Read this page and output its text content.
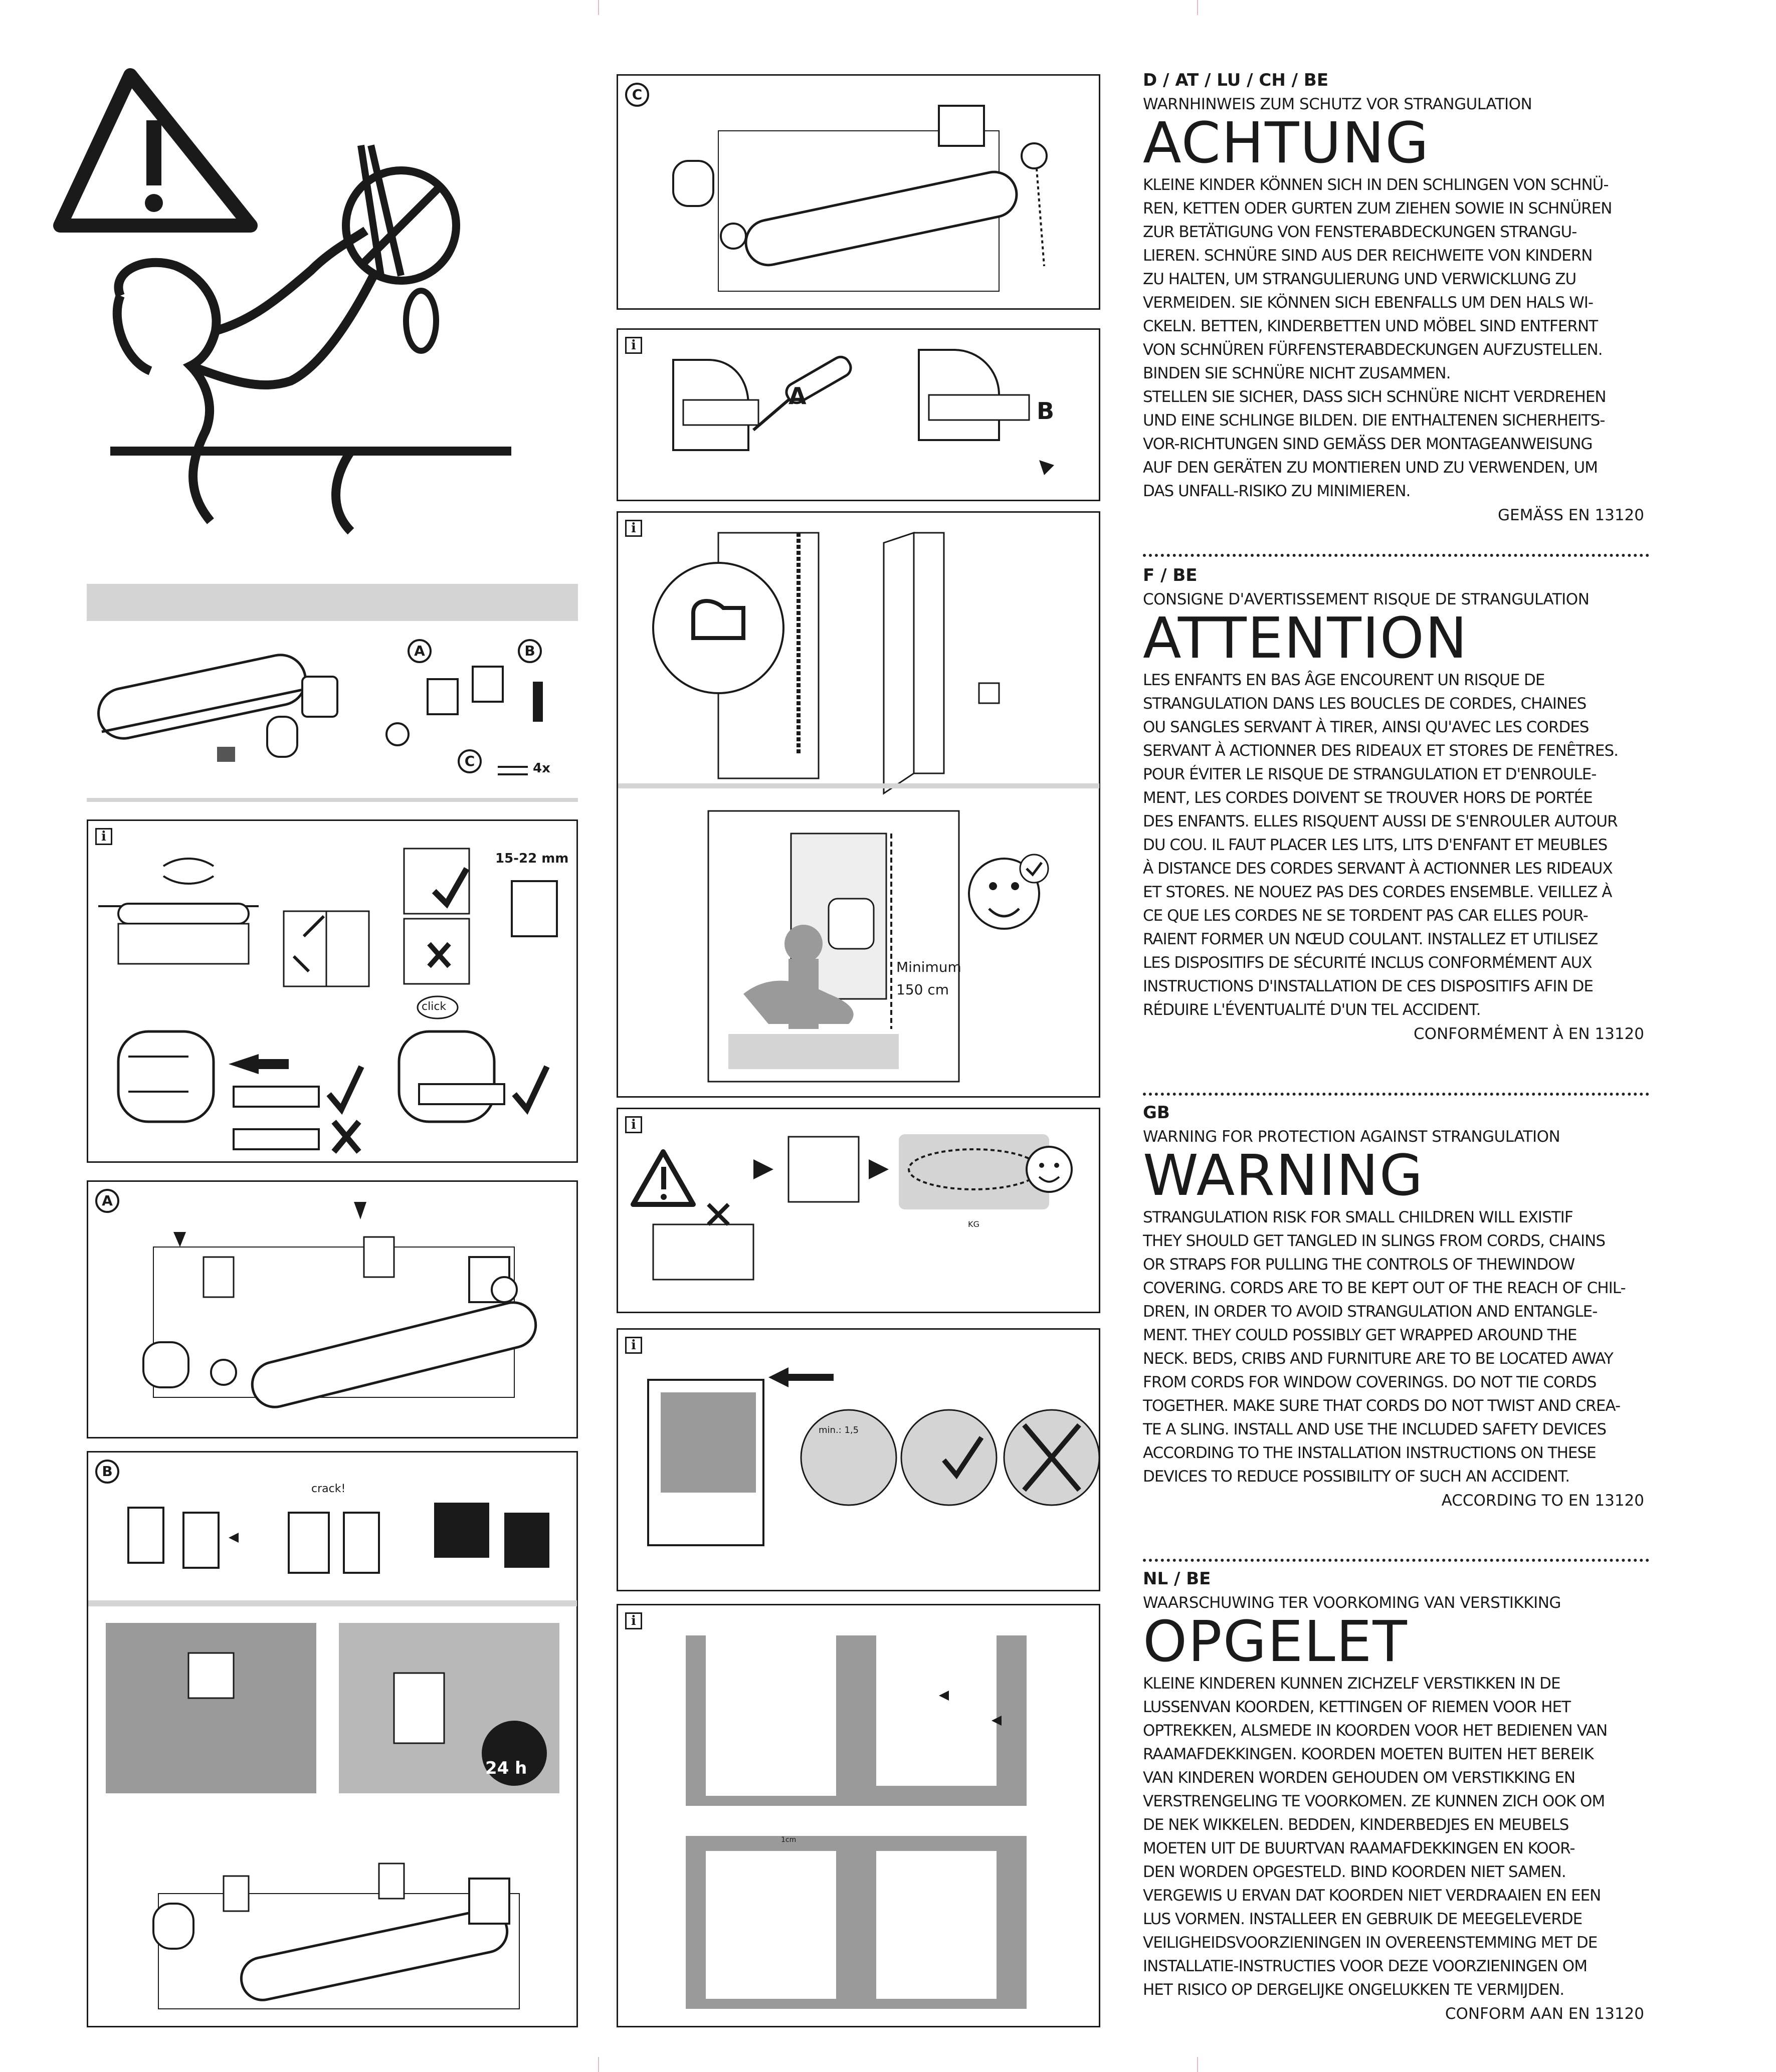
A	B
C	4x
i
15-22 mm
click
A
B
crack!
24 h
C
i
A
B
i
Minimum
150 cm
i
KG
i
min.: 1,5
i
1cm
D / AT / LU / CH / BE
WARNHINWEIS ZUM SCHUTZ VOR STRANGULATION
ACHTUNG
KLEINE KINDER KÖNNEN SICH IN DEN SCHLINGEN VON SCHNÜ-
REN, KETTEN ODER GURTEN ZUM ZIEHEN SOWIE IN SCHNÜREN
ZUR BETÄTIGUNG VON FENSTERABDECKUNGEN STRANGU-
LIEREN. SCHNÜRE SIND AUS DER REICHWEITE VON KINDERN
ZU HALTEN, UM STRANGULIERUNG UND VERWICKLUNG ZU
VERMEIDEN. SIE KÖNNEN SICH EBENFALLS UM DEN HALS WI-
CKELN. BETTEN, KINDERBETTEN UND MÖBEL SIND ENTFERNT
VON SCHNÜREN FÜRFENSTERABDECKUNGEN AUFZUSTELLEN.
BINDEN SIE SCHNÜRE NICHT ZUSAMMEN.
STELLEN SIE SICHER, DASS SICH SCHNÜRE NICHT VERDREHEN
UND EINE SCHLINGE BILDEN. DIE ENTHALTENEN SICHERHEITS-
VOR-RICHTUNGEN SIND GEMÄSS DER MONTAGEANWEISUNG
AUF DEN GERÄTEN ZU MONTIEREN UND ZU VERWENDEN, UM
DAS UNFALL-RISIKO ZU MINIMIEREN.
GEMÄSS EN 13120
F / BE
CONSIGNE D'AVERTISSEMENT RISQUE DE STRANGULATION
ATTENTION
LES ENFANTS EN BAS ÂGE ENCOURENT UN RISQUE DE
STRANGULATION DANS LES BOUCLES DE CORDES, CHAINES
OU SANGLES SERVANT À TIRER, AINSI QU'AVEC LES CORDES
SERVANT À ACTIONNER DES RIDEAUX ET STORES DE FENÊTRES.
POUR ÉVITER LE RISQUE DE STRANGULATION ET D'ENROULE-
MENT, LES CORDES DOIVENT SE TROUVER HORS DE PORTÉE
DES ENFANTS. ELLES RISQUENT AUSSI DE S'ENROULER AUTOUR
DU COU. IL FAUT PLACER LES LITS, LITS D'ENFANT ET MEUBLES
À DISTANCE DES CORDES SERVANT À ACTIONNER LES RIDEAUX
ET STORES. NE NOUEZ PAS DES CORDES ENSEMBLE. VEILLEZ À
CE QUE LES CORDES NE SE TORDENT PAS CAR ELLES POUR-
RAIENT FORMER UN NŒUD COULANT. INSTALLEZ ET UTILISEZ
LES DISPOSITIFS DE SÉCURITÉ INCLUS CONFORMÉMENT AUX
INSTRUCTIONS D'INSTALLATION DE CES DISPOSITIFS AFIN DE
RÉDUIRE L'ÉVENTUALITÉ D'UN TEL ACCIDENT.
CONFORMÉMENT À EN 13120
GB
WARNING FOR PROTECTION AGAINST STRANGULATION
WARNING
STRANGULATION RISK FOR SMALL CHILDREN WILL EXISTIF
THEY SHOULD GET TANGLED IN SLINGS FROM CORDS, CHAINS
OR STRAPS FOR PULLING THE CONTROLS OF THEWINDOW
COVERING. CORDS ARE TO BE KEPT OUT OF THE REACH OF CHIL-
DREN, IN ORDER TO AVOID STRANGULATION AND ENTANGLE-
MENT. THEY COULD POSSIBLY GET WRAPPED AROUND THE
NECK. BEDS, CRIBS AND FURNITURE ARE TO BE LOCATED AWAY
FROM CORDS FOR WINDOW COVERINGS. DO NOT TIE CORDS
TOGETHER. MAKE SURE THAT CORDS DO NOT TWIST AND CREA-
TE A SLING. INSTALL AND USE THE INCLUDED SAFETY DEVICES
ACCORDING TO THE INSTALLATION INSTRUCTIONS ON THESE
DEVICES TO REDUCE POSSIBILITY OF SUCH AN ACCIDENT.
ACCORDING TO EN 13120
NL / BE
WAARSCHUWING TER VOORKOMING VAN VERSTIKKING
OPGELET
KLEINE KINDEREN KUNNEN ZICHZELF VERSTIKKEN IN DE
LUSSENVAN KOORDEN, KETTINGEN OF RIEMEN VOOR HET
OPTREKKEN, ALSMEDE IN KOORDEN VOOR HET BEDIENEN VAN
RAAMAFDEKKINGEN. KOORDEN MOETEN BUITEN HET BEREIK
VAN KINDEREN WORDEN GEHOUDEN OM VERSTIKKING EN
VERSTRENGELING TE VOORKOMEN. ZE KUNNEN ZICH OOK OM
DE NEK WIKKELEN. BEDDEN, KINDERBEDJES EN MEUBELS
MOETEN UIT DE BUURTVAN RAAMAFDEKKINGEN EN KOOR-
DEN WORDEN OPGESTELD. BIND KOORDEN NIET SAMEN.
VERGEWIS U ERVAN DAT KOORDEN NIET VERDRAAIEN EN EEN
LUS VORMEN. INSTALLEER EN GEBRUIK DE MEEGELEVERDE
VEILIGHEIDSVOORZIENINGEN IN OVEREENSTEMMING MET DE
INSTALLATIE-INSTRUCTIES VOOR DEZE VOORZIENINGEN OM
HET RISICO OP DERGELIJKE ONGELUKKEN TE VERMIJDEN.
CONFORM AAN EN 13120
